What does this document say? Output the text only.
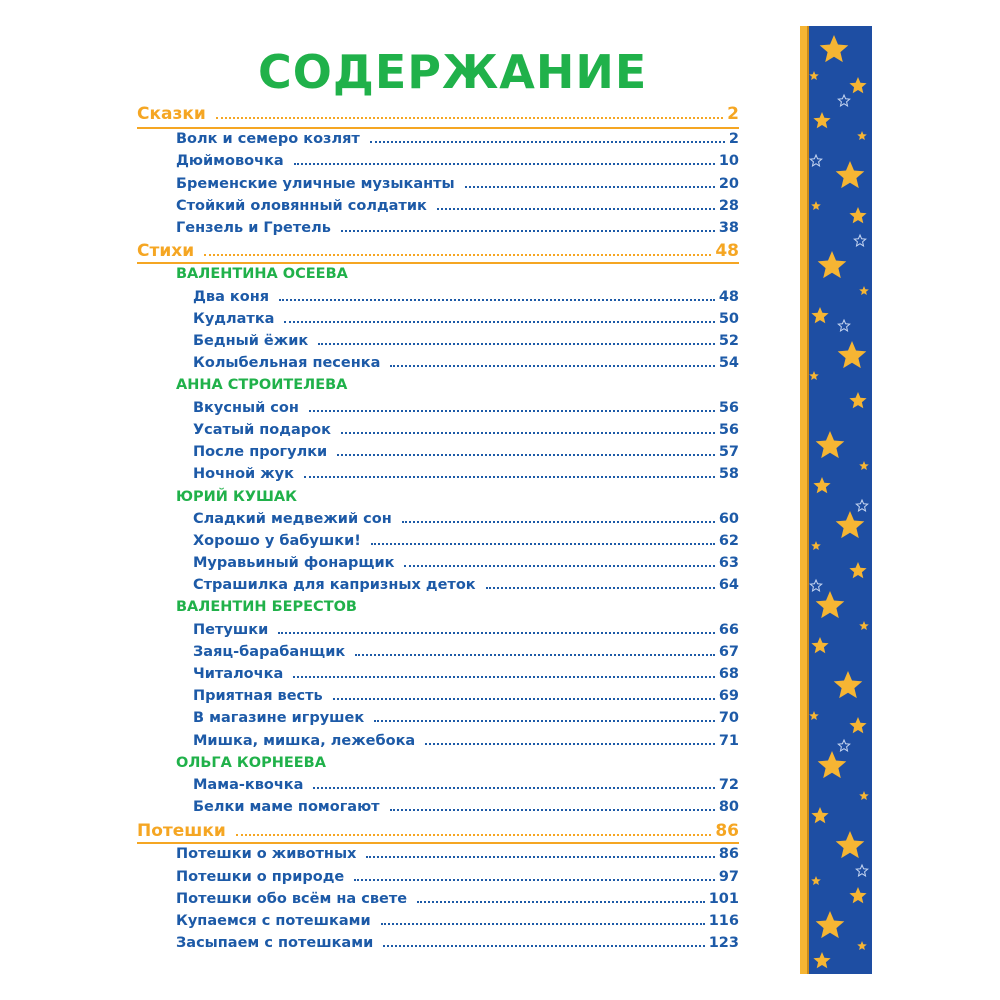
СОДЕРЖАНИЕ
Сказки	2
Волк и семеро козлят	2
Дюймовочка	10
Бременские уличные музыканты	20
Стойкий оловянный солдатик	28
Гензель и Гретель	38
Стихи	48
ВАЛЕНТИНА ОСЕЕВА
Два коня	48
Кудлатка	50
Бедный ёжик	52
Колыбельная песенка	54
АННА СТРОИТЕЛЕВА
Вкусный сон	56
Усатый подарок	56
После прогулки	57
Ночной жук	58
ЮРИЙ КУШАК
Сладкий медвежий сон	60
Хорошо у бабушки!	62
Муравьиный фонарщик	63
Страшилка для капризных деток	64
ВАЛЕНТИН БЕРЕСТОВ
Петушки	66
Заяц-барабанщик	67
Читалочка	68
Приятная весть	69
В магазине игрушек	70
Мишка, мишка, лежебока	71
ОЛЬГА КОРНЕЕВА
Мама-квочка	72
Белки маме помогают	80
Потешки	86
Потешки о животных	86
Потешки о природе	97
Потешки обо всём на свете	101
Купаемся с потешками	116
Засыпаем с потешками	123
